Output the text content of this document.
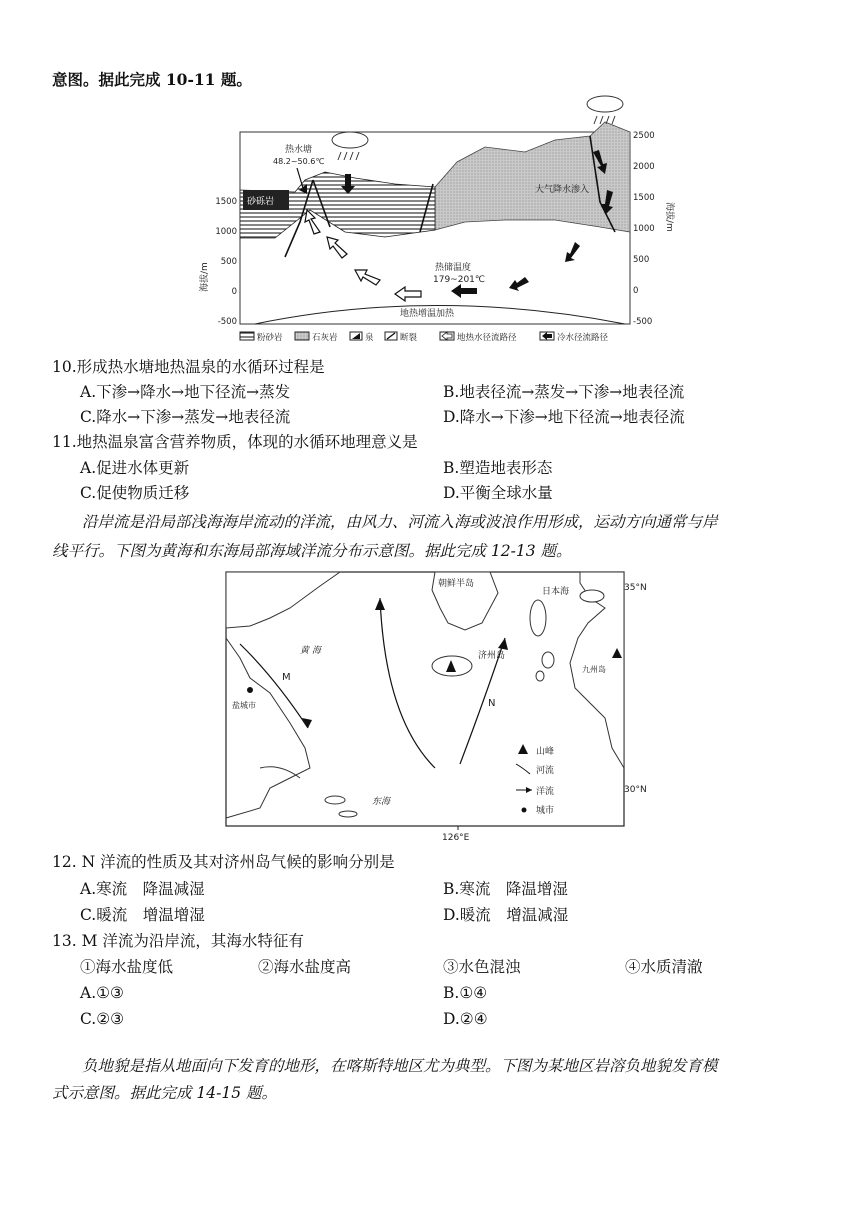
意图。据此完成 10-11 题。
砂砾岩
地热增温加热
热水塘
48.2~50.6℃
热储温度
179~201℃
大气降水渗入
海拔/m
1500
1000
500
0
-500
海拔/m
2500
2000
1500
1000
500
0
-500
粉砂岩	石灰岩	泉	断裂	地热水径流路径	冷水径流路径
10.形成热水塘地热温泉的水循环过程是
A.下渗→降水→地下径流→蒸发	B.地表径流→蒸发→下渗→地表径流
C.降水→下渗→蒸发→地表径流	D.降水→下渗→地下径流→地表径流
11.地热温泉富含营养物质，体现的水循环地理意义是
A.促进水体更新	B.塑造地表形态
C.促使物质迁移	D.平衡全球水量
沿岸流是沿局部浅海海岸流动的洋流，由风力、河流入海或波浪作用形成，运动方向通常与岸
线平行。下图为黄海和东海局部海域洋流分布示意图。据此完成 12-13 题。
朝鲜半岛
日本海
九州岛
济州岛
35°N
30°N
黄 海
M
N
盐城市
东海
126°E
山峰
河流
洋流
城市
12. N 洋流的性质及其对济州岛气候的影响分别是
A.寒流　降温减湿	B.寒流　降温增湿
C.暖流　增温增湿	D.暖流　增温减湿
13. M 洋流为沿岸流，其海水特征有
①海水盐度低	②海水盐度高	③水色混浊	④水质清澈
A.①③	B.①④
C.②③	D.②④
负地貌是指从地面向下发育的地形，在喀斯特地区尤为典型。下图为某地区岩溶负地貌发育模
式示意图。据此完成 14-15 题。
